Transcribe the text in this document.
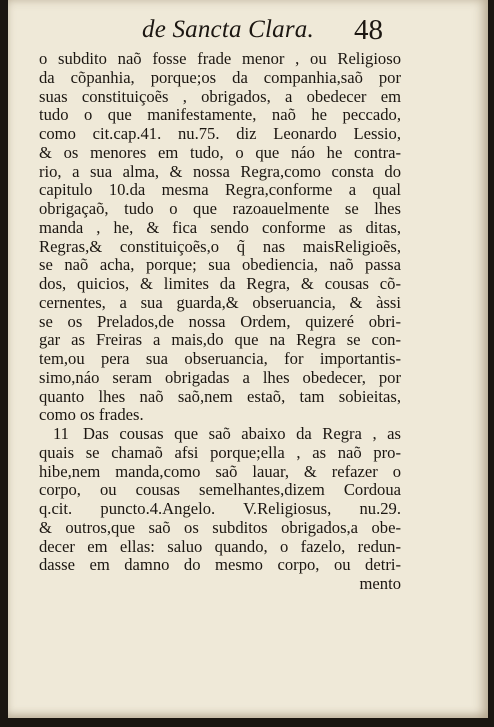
de Sancta Clara. 48
o subdito naõ fosse frade menor , ou Religioso
da cõpanhia, porque;os da companhia,saõ por
suas constituiçoẽs , obrigados, a obedecer em
tudo o que manifestamente, naõ he peccado,
como cit.cap.41. nu.75. diz Leonardo Lessio,
& os menores em tudo, o que náo he contra-
rio, a sua alma, & nossa Regra,como consta do
capitulo 10.da mesma Regra,conforme a qual
obrigaçaõ, tudo o que razoauelmente se lhes
manda , he, & fica sendo conforme as ditas,
Regras,& constituiçoẽs,o q̃ nas maisReligioẽs,
se naõ acha, porque; sua obediencia, naõ passa
dos, quicios, & limites da Regra, & cousas cõ-
cernentes, a sua guarda,& obseruancia, & àssi
se os Prelados,de nossa Ordem, quizeré obri-
gar as Freiras a mais,do que na Regra se con-
tem,ou pera sua obseruancia, for importantis-
simo,náo seram obrigadas a lhes obedecer, por
quanto lhes naõ saõ,nem estaõ, tam sobieitas,
como os frades.
11 Das cousas que saõ abaixo da Regra , as
quais se chamaõ afsi porque;ella , as naõ pro-
hibe,nem manda,como saõ lauar, & refazer o
corpo, ou cousas semelhantes,dizem Cordoua
q.cit. puncto.4.Angelo. V.Religiosus, nu.29.
& outros,que saõ os subditos obrigados,a obe-
decer em ellas: saluo quando, o fazelo, redun-
dasse em damno do mesmo corpo, ou detri-
mento
